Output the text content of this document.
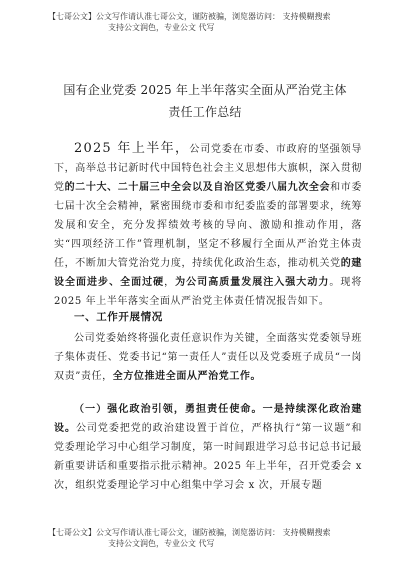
【七哥公文】公文写作请认准七哥公文，谨防被骗，浏览器访问： 支持模糊搜索
支持公文润色，专业公文 代写
国有企业党委 2025 年上半年落实全面从严治党主体责任工作总结

2025 年上半年，公司党委在市委、市政府的坚强领导下，高举总书记新时代中国特色社会主义思想伟大旗帜，深入贯彻党的二十大、二十届三中全会以及自治区党委八届九次全会和市委七届十次全会精神，紧密围绕市委和市纪委监委的部署要求，统筹发展和安全，充分发挥绩效考核的导向、激励和推动作用，落实“四项经济工作”管理机制，坚定不移履行全面从严治党主体责任，不断加大管党治党力度，持续优化政治生态，推动机关党的建设全面进步、全面过硬，为公司高质量发展注入强大动力。现将 2025 年上半年落实全面从严治党主体责任情况报告如下。

一、工作开展情况

公司党委始终将强化责任意识作为关键，全面落实党委领导班子集体责任、党委书记“第一责任人”责任以及党委班子成员“一岗双责”责任，全方位推进全面从严治党工作。

（一）强化政治引领，勇担责任使命。一是持续深化政治建设。公司党委把党的政治建设置于首位，严格执行“第一议题”和党委理论学习中心组学习制度，第一时间跟进学习总书记总书记最新重要讲话和重要指示批示精神。2025 年上半年，召开党委会 x 次，组织党委理论学习中心组集中学习会 x 次，开展专题

【七哥公文】公文写作请认准七哥公文，谨防被骗，浏览器访问： 支持模糊搜索
支持公文润色，专业公文 代写
